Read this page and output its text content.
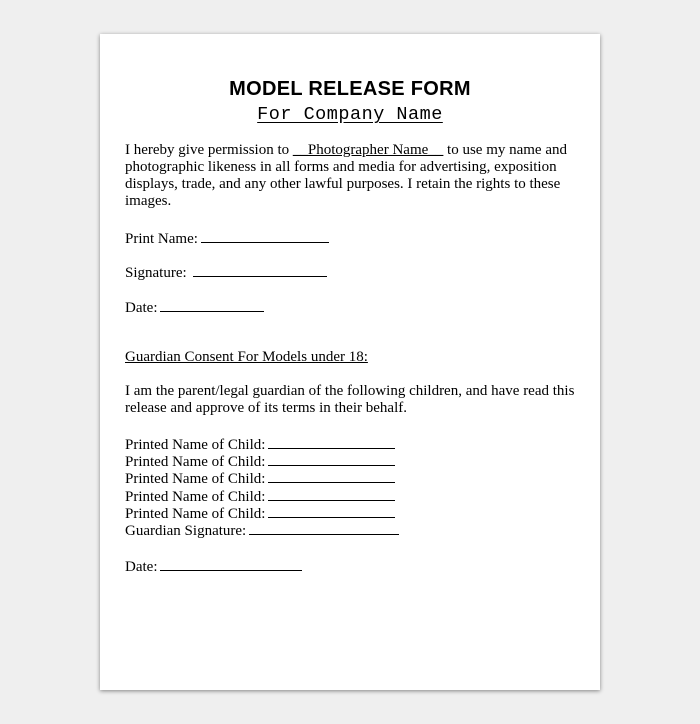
MODEL RELEASE FORM
For Company Name
I hereby give permission to __Photographer Name__ to use my name and photographic likeness in all forms and media for advertising, exposition displays, trade, and any other lawful purposes. I retain the rights to these images.
Print Name:
Signature:
Date:
Guardian Consent For Models under 18:
I am the parent/legal guardian of the following children, and have read this release and approve of its terms in their behalf.
Printed Name of Child:
Printed Name of Child:
Printed Name of Child:
Printed Name of Child:
Printed Name of Child:
Guardian Signature:
Date:
